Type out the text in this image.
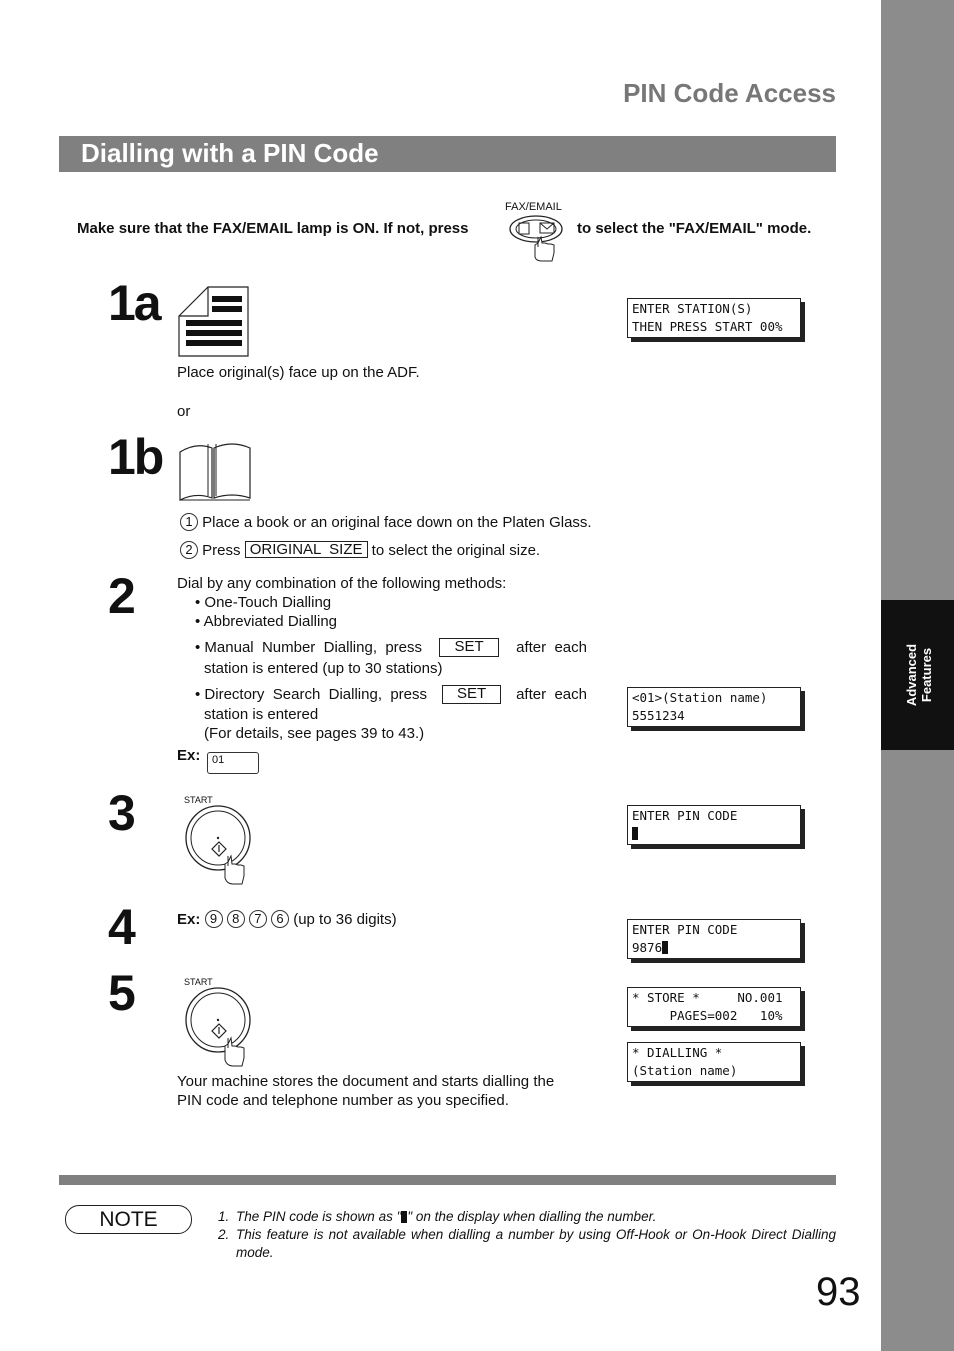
Advanced
Features
PIN Code Access
Dialling with a PIN Code
Make sure that the FAX/EMAIL lamp is ON. If not, press
FAX/EMAIL
to select the "FAX/EMAIL" mode.
1a	ENTER STATION(S)
THEN PRESS START 00%
Place original(s) face up on the ADF.
or
1b
1 Place a book or an original face down on the Platen Glass.
2 Press ORIGINAL  SIZE to select the original size.
2	Dial by any combination of the following methods:
• One-Touch Dialling
• Abbreviated Dialling
• Manual  Number  Dialling,  press	SET	after  each
station is entered (up to 30 stations)
• Directory  Search  Dialling,  press	SET	after  each
station is entered
(For details, see pages 39 to 43.)
Ex:	01
<01>(Station name)
5551234
3	START
ENTER PIN CODE

4	Ex: 9 8 7 6 (up to 36 digits)
ENTER PIN CODE
9876
5	START
* STORE *     NO.001
PAGES=002   10%
* DIALLING *
(Station name)
Your machine stores the document and starts dialling the
PIN code and telephone number as you specified.
NOTE	1. The PIN code is shown as " " on the display when dialling the number.
2. This feature is not available when dialling a number by using Off-Hook or On-Hook Direct Dialling mode.
93
